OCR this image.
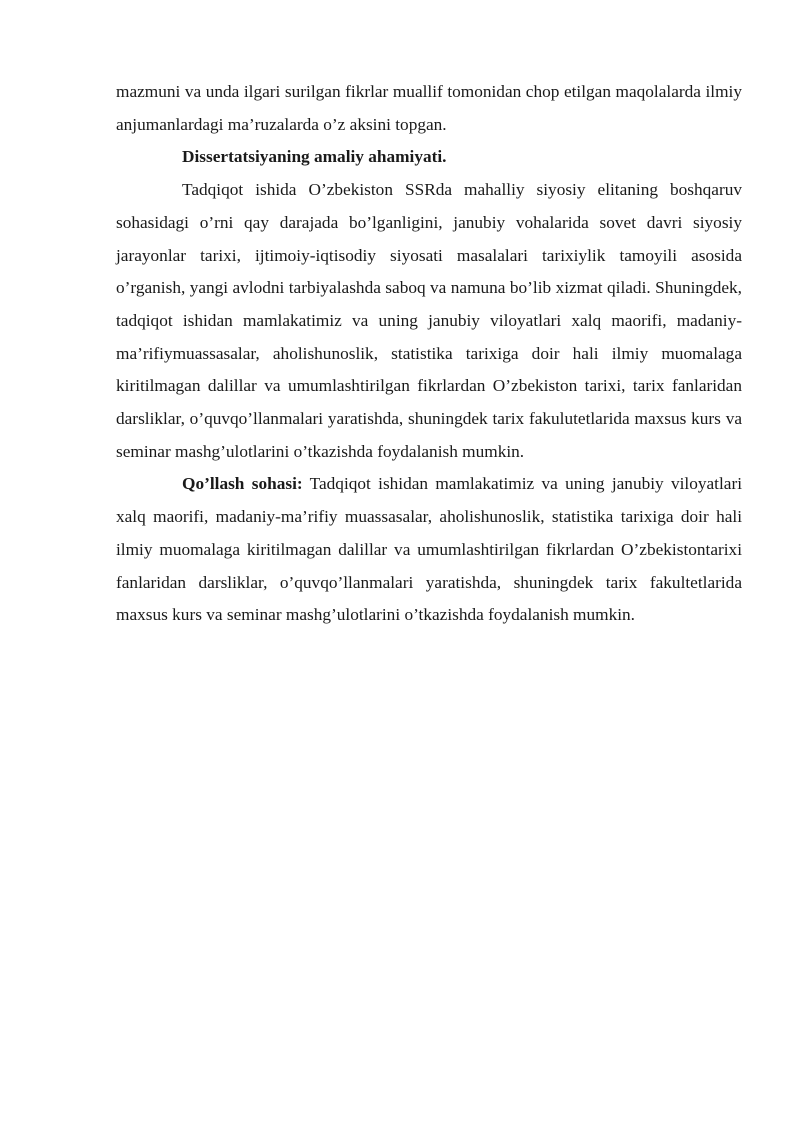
mazmuni va unda ilgari surilgan fikrlar muallif tomonidan chop etilgan maqolalarda ilmiy anjumanlardagi ma’ruzalarda o’z aksini topgan.

Dissertatsiyaning amaliy ahamiyati.

Tadqiqot ishida O’zbekiston SSRda mahalliy siyosiy elitaning boshqaruv sohasidagi o’rni qay darajada bo’lganligini, janubiy vohalarida sovet davri siyosiy jarayonlar tarixi, ijtimoiy-iqtisodiy siyosati masalalari tarixiylik tamoyili asosida o’rganish, yangi avlodni tarbiyalashda saboq va namuna bo’lib xizmat qiladi. Shuningdek, tadqiqot ishidan mamlakatimiz va uning janubiy viloyatlari xalq maorifi, madaniy-ma’rifiymuassasalar, aholishunoslik, statistika tarixiga doir hali ilmiy muomalaga kiritilmagan dalillar va umumlashtirilgan fikrlardan O’zbekiston tarixi, tarix fanlaridan darsliklar, o’quvqo’llanmalari yaratishda, shuningdek tarix fakulutetlarida maxsus kurs va seminar mashg’ulotlarini o’tkazishda foydalanish mumkin.

Qo’llash sohasi: Tadqiqot ishidan mamlakatimiz va uning janubiy viloyatlari xalq maorifi, madaniy-ma’rifiy muassasalar, aholishunoslik, statistika tarixiga doir hali ilmiy muomalaga kiritilmagan dalillar va umumlashtirilgan fikrlardan O’zbekistontarixi fanlaridan darsliklar, o’quvqo’llanmalari yaratishda, shuningdek tarix fakultetlarida maxsus kurs va seminar mashg’ulotlarini o’tkazishda foydalanish mumkin.
